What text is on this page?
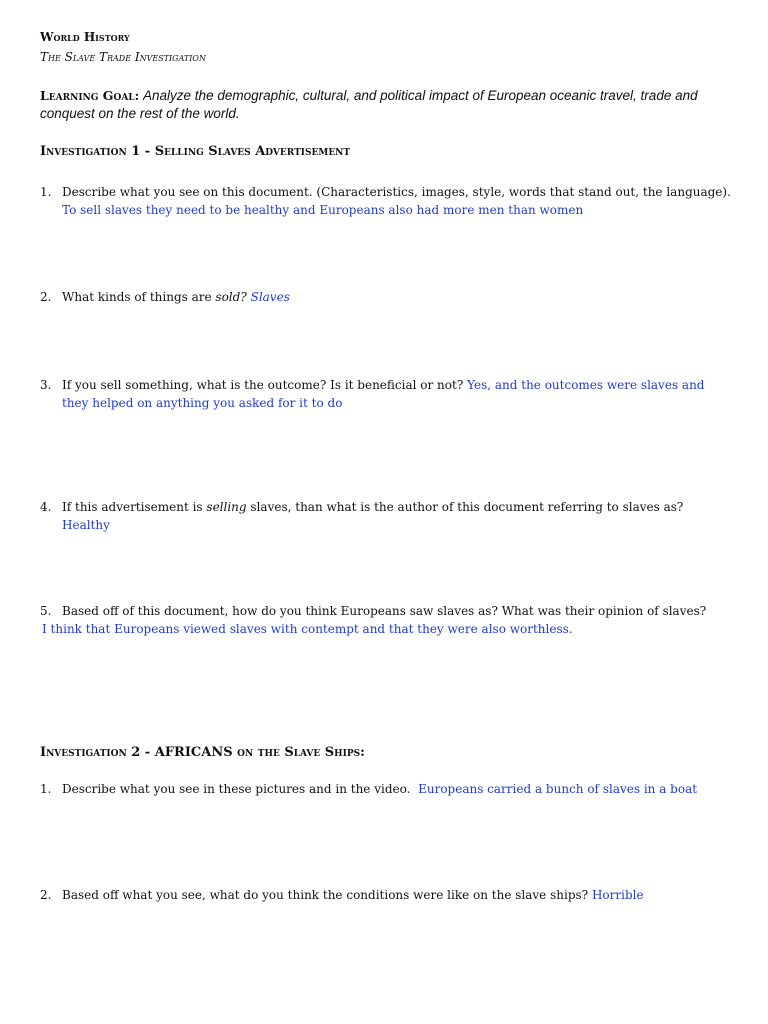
World History
The Slave Trade Investigation
Learning Goal: Analyze the demographic, cultural, and political impact of European oceanic travel, trade and conquest on the rest of the world.
Investigation 1 - Selling Slaves Advertisement
1. Describe what you see on this document. (Characteristics, images, style, words that stand out, the language). To sell slaves they need to be healthy and Europeans also had more men than women
2. What kinds of things are sold? Slaves
3. If you sell something, what is the outcome? Is it beneficial or not? Yes, and the outcomes were slaves and they helped on anything you asked for it to do
4. If this advertisement is selling slaves, than what is the author of this document referring to slaves as? Healthy
5. Based off of this document, how do you think Europeans saw slaves as? What was their opinion of slaves?
I think that Europeans viewed slaves with contempt and that they were also worthless.
Investigation 2 - AFRICANS on the Slave Ships:
1. Describe what you see in these pictures and in the video. Europeans carried a bunch of slaves in a boat
2. Based off what you see, what do you think the conditions were like on the slave ships? Horrible
